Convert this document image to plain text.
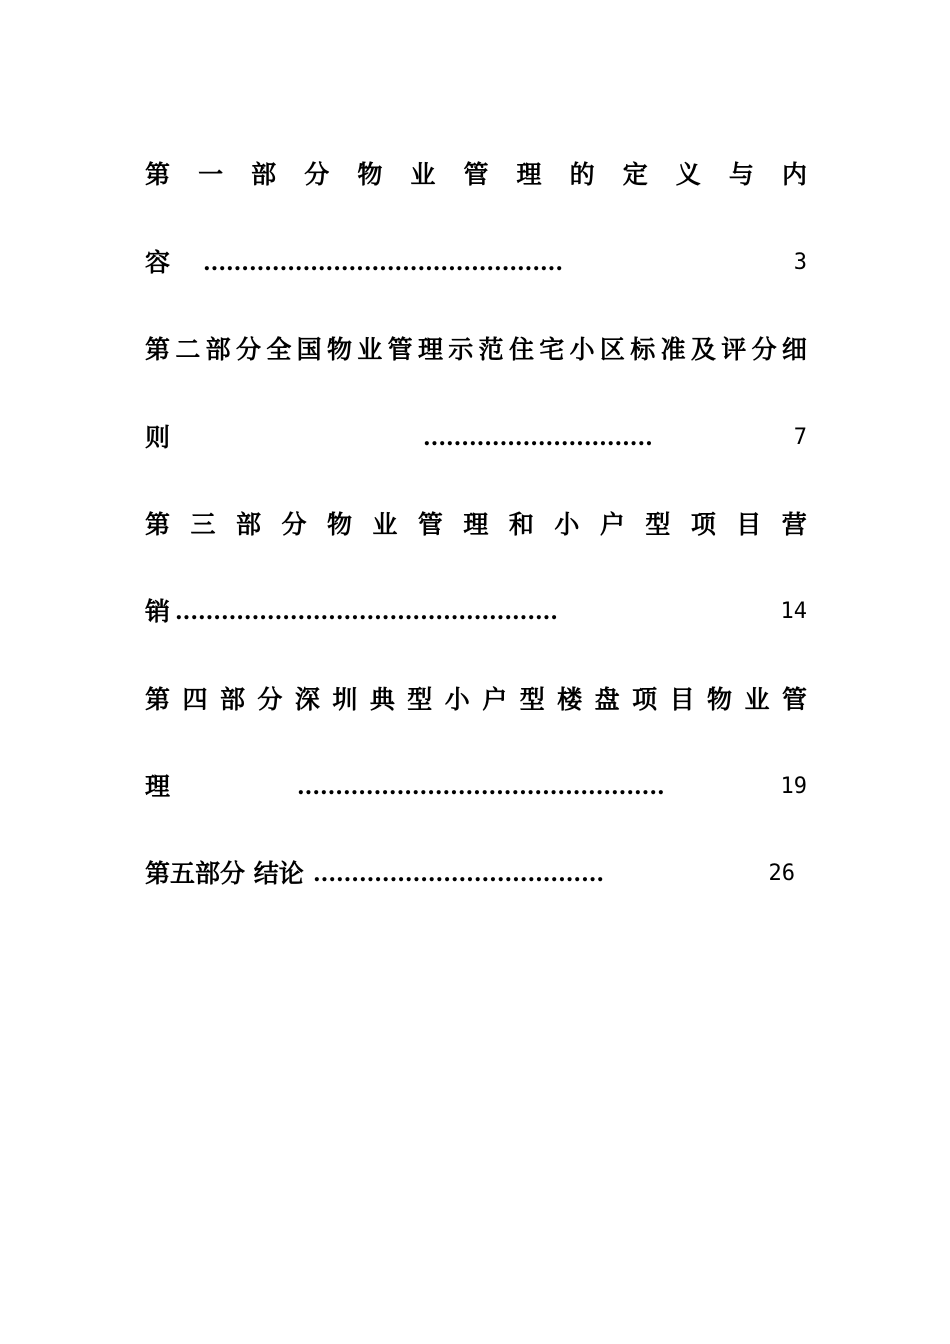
第 一 部 分 物 业 管 理 的 定 义 与 内
容 ...............................................	3
第 二 部 分 全 国 物 业 管 理 示 范 住 宅 小 区 标 准 及 评 分 细
则	..............................	7
第 三 部 分 物 业 管 理 和 小 户 型 项 目 营
销 ..................................................	14
第 四 部 分 深 圳 典 型 小 户 型 楼 盘 项 目 物 业 管
理	................................................	19
第五部分 结论 ......................................	26
